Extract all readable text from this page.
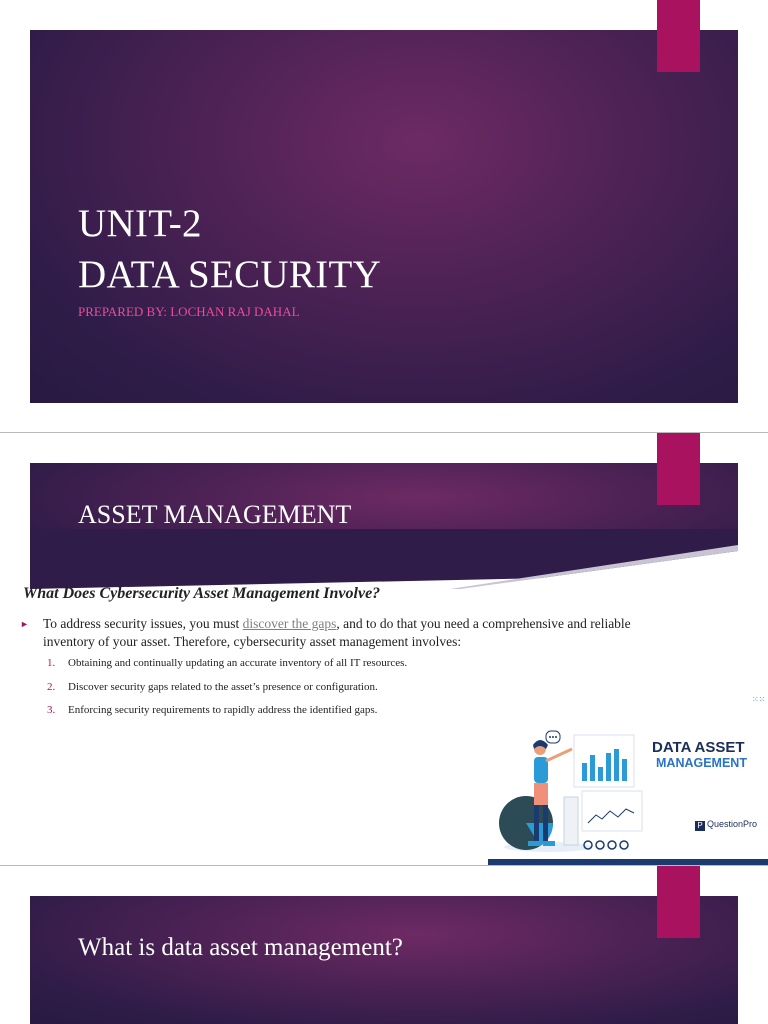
UNIT-2
DATA SECURITY
PREPARED BY: LOCHAN RAJ DAHAL
ASSET MANAGEMENT
What Does Cybersecurity Asset Management Involve?
► To address security issues, you must discover the gaps, and to do that you need a comprehensive and reliable inventory of your asset. Therefore, cybersecurity asset management involves:
1. Obtaining and continually updating an accurate inventory of all IT resources.
2. Discover security gaps related to the asset’s presence or configuration.
3. Enforcing security requirements to rapidly address the identified gaps.
⁙⁙
DATA ASSET
MANAGEMENT
P QuestionPro
What is data asset management?
